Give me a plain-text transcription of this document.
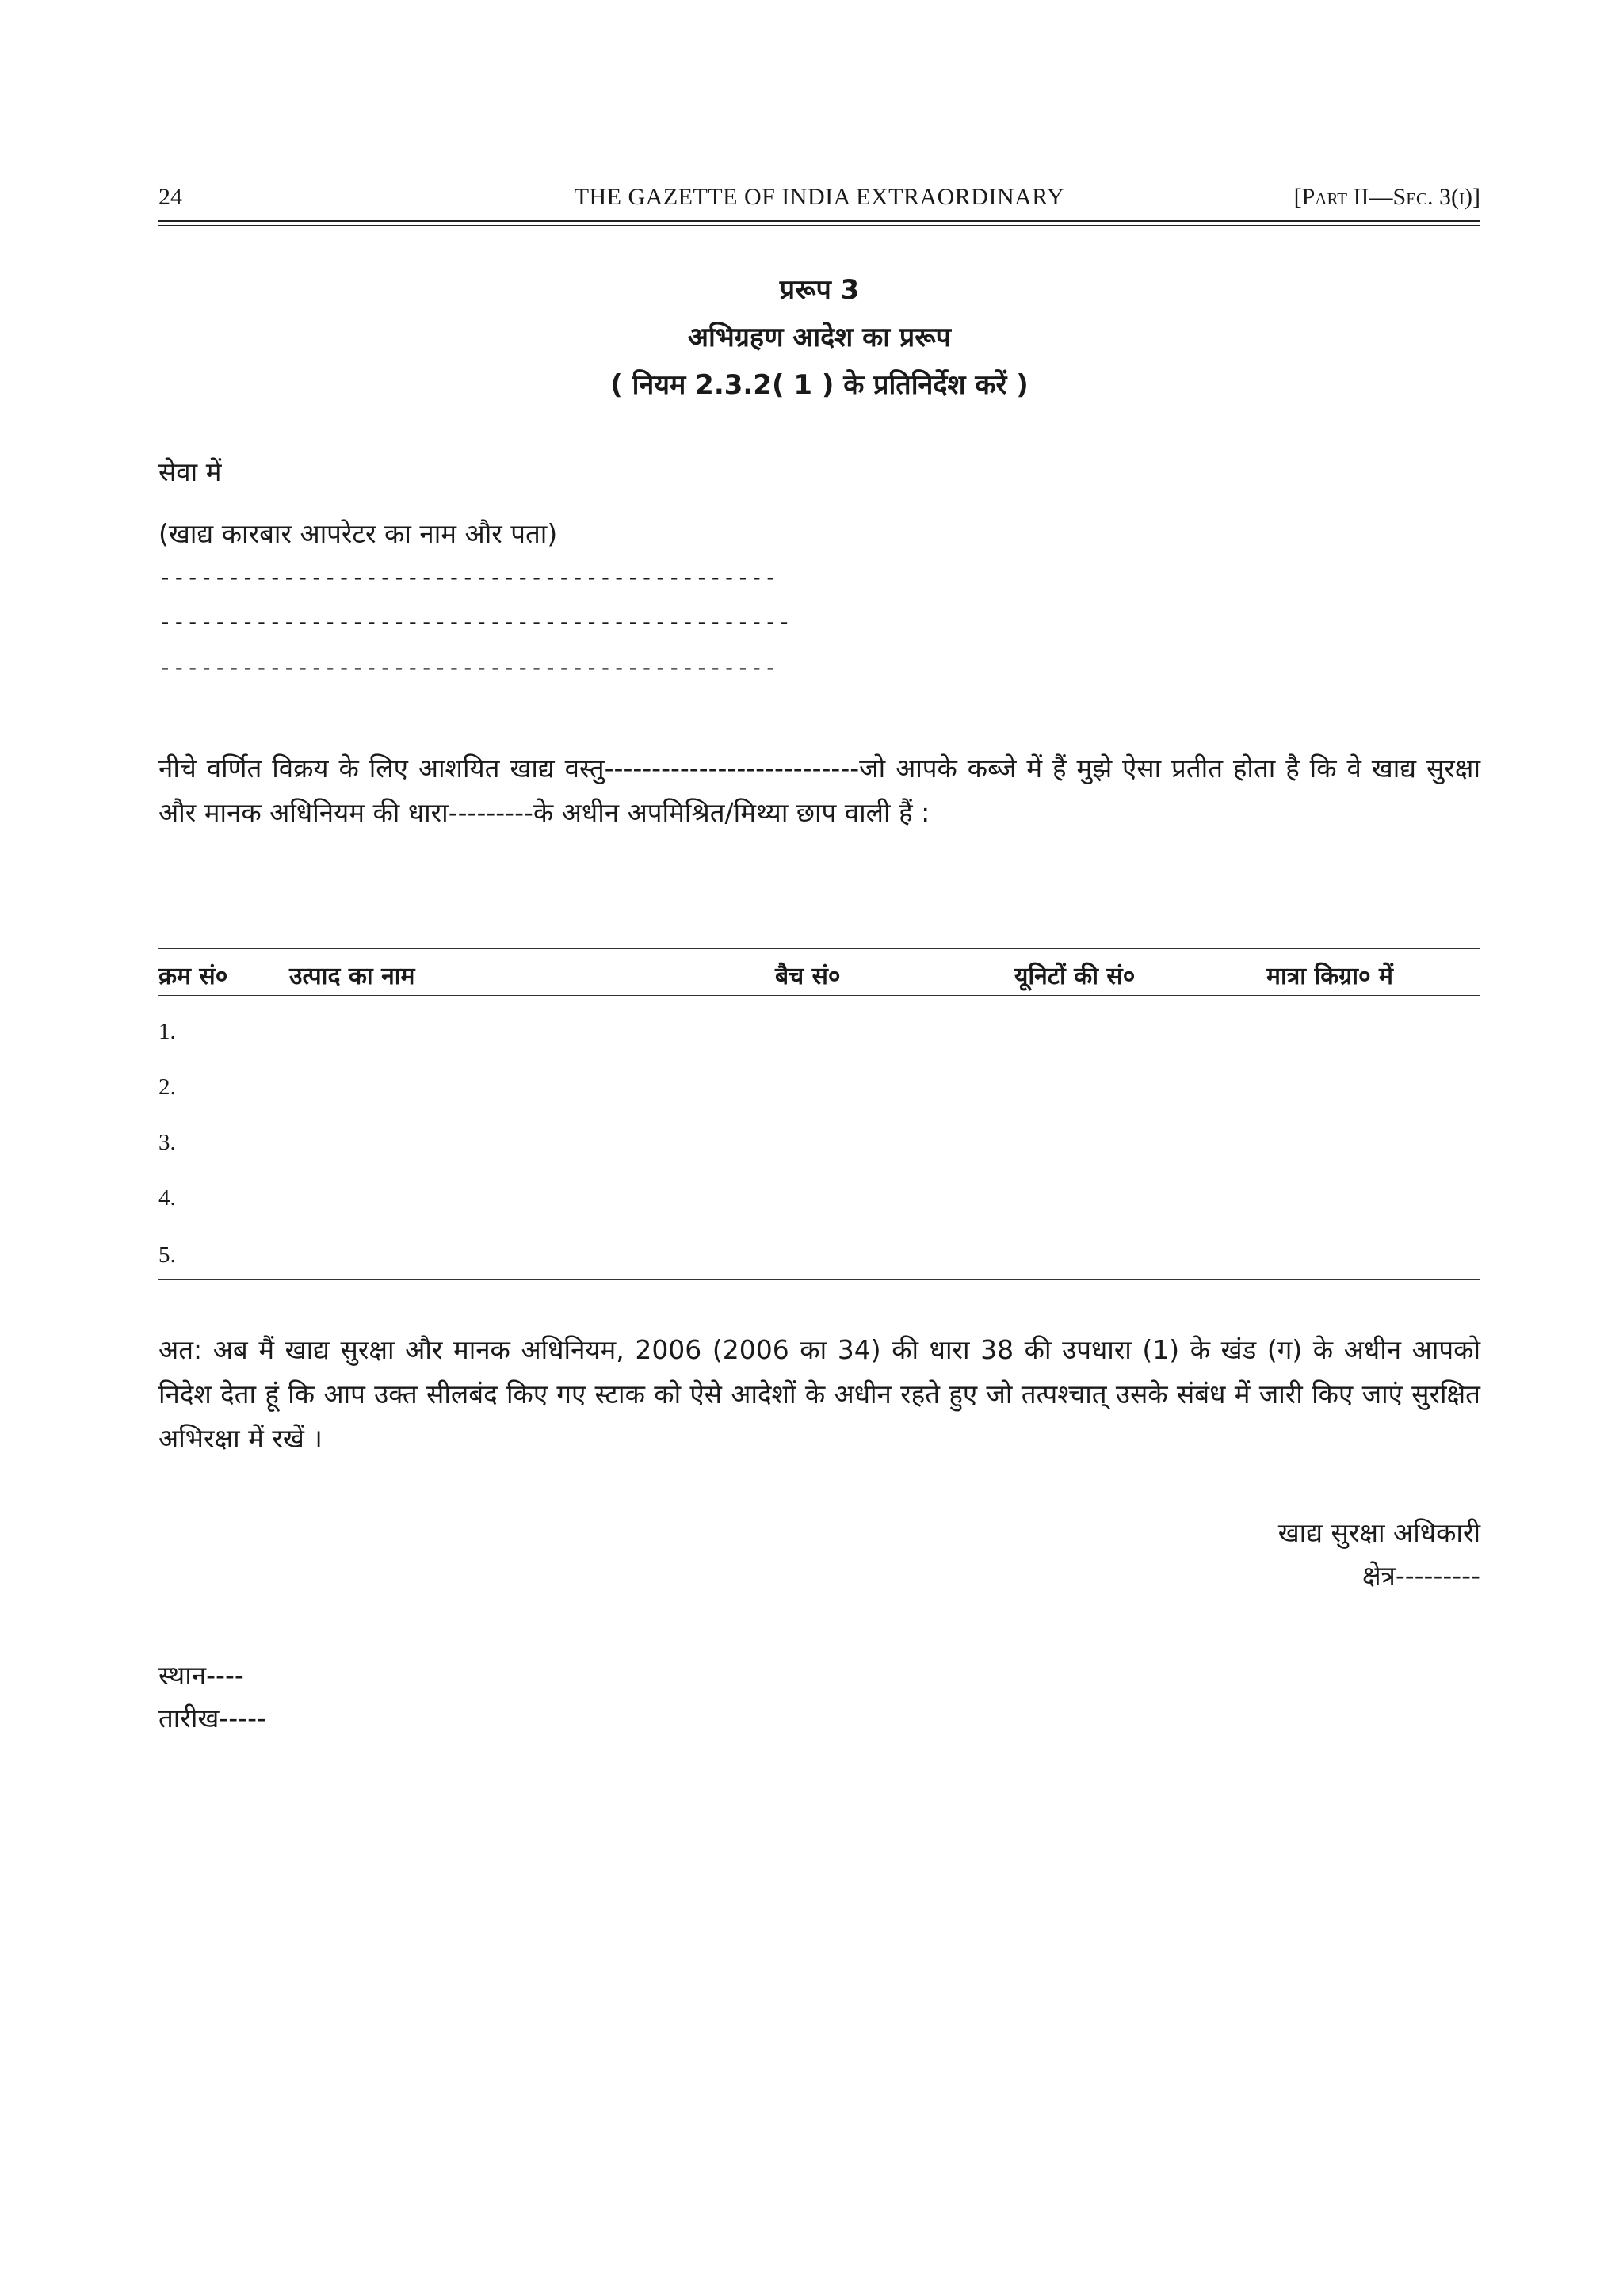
24	THE GAZETTE OF INDIA EXTRAORDINARY	[Part II—Sec. 3(i)]
प्ररूप 3
अभिग्रहण आदेश का प्ररूप
( नियम 2.3.2( 1 ) के प्रतिनिर्देश करें )
सेवा में
(खाद्य कारबार आपरेटर का नाम और पता)
---------------------------------------------
----------------------------------------------
---------------------------------------------
नीचे वर्णित विक्रय के लिए आशयित खाद्य वस्तु---------------------------जो आपके कब्जे में हैं मुझे ऐसा प्रतीत होता है कि वे खाद्य सुरक्षा और मानक अधिनियम की धारा---------के अधीन अपमिश्रित/मिथ्या छाप वाली हैं :
क्रम सं०	उत्पाद का नाम	बैच सं०	यूनिटों की सं०	मात्रा किग्रा० में
1.
2.
3.
4.
5.
अत: अब मैं खाद्य सुरक्षा और मानक अधिनियम, 2006 (2006 का 34) की धारा 38 की उपधारा (1) के खंड (ग) के अधीन आपको निदेश देता हूं कि आप उक्त सीलबंद किए गए स्टाक को ऐसे आदेशों के अधीन रहते हुए जो तत्पश्चात् उसके संबंध में जारी किए जाएं सुरक्षित अभिरक्षा में रखें ।
खाद्य सुरक्षा अधिकारी
क्षेत्र---------
स्थान----
तारीख-----
